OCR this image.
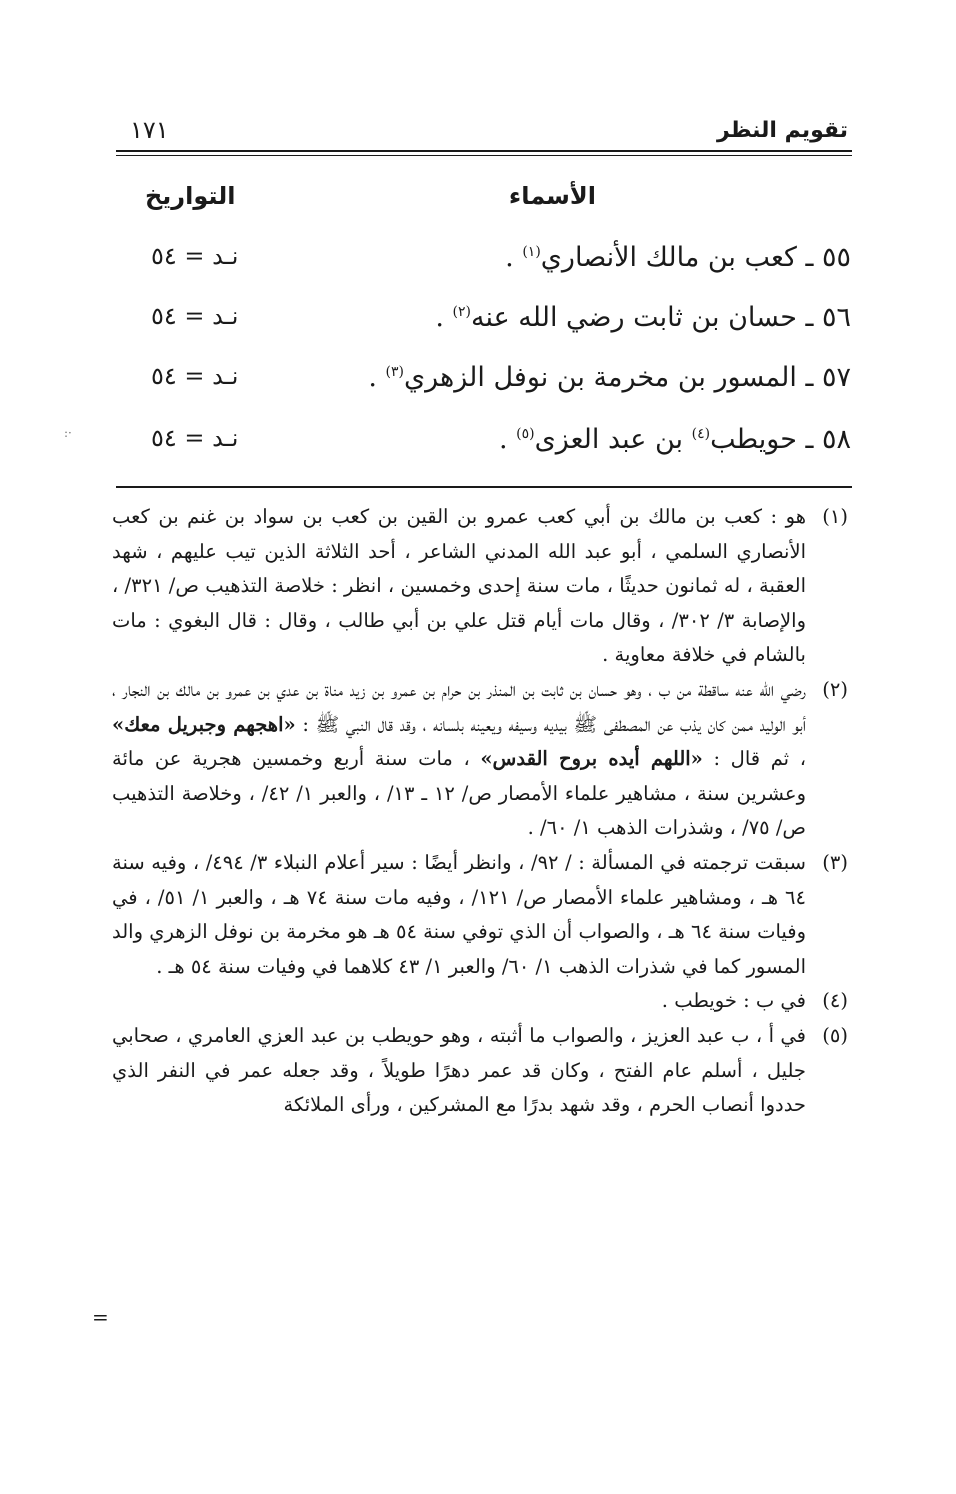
تقويم النظر
١٧١
الأسماء
التواريخ
٥٥ ـ كعب بن مالك الأنصاري$^{(١)}$ .
نـد = ٥٤
٥٦ ـ حسان بن ثابت رضي الله عنه$^{(٢)}$ .
نـد = ٥٤
٥٧ ـ المسور بن مخرمة بن نوفل الزهري$^{(٣)}$ .
نـد = ٥٤
٥٨ ـ حويطب$^{(٤)}$ بن عبد العزى$^{(٥)}$ .
نـد = ٥٤
(١)
هو : كعب بن مالك بن أبي كعب عمرو بن القين بن كعب بن سواد بن غنم بن كعب الأنصاري السلمي ، أبو عبد الله المدني الشاعر ، أحد الثلاثة الذين تيب عليهم ، شهد العقبة ، له ثمانون حديثًا ، مات سنة إحدى وخمسين ، انظر : خلاصة التذهيب ص/ ٣٢١/ ، والإصابة ٣/ ٣٠٢/ ، وقال مات أيام قتل علي بن أبي طالب ، وقال : قال البغوي : مات بالشام في خلافة معاوية .
(٢)
رضي الله عنه ساقطة من ب ، وهو حسان بن ثابت بن المنذر بن حرام بن عمرو بن زيد مناة بن عدي بن عمرو بن مالك بن النجار ، أبو الوليد ممن كان يذب عن المصطفى ﷺ بيديه وسيفه ويعينه بلسانه ، وقد قال النبي ﷺ : «اهجهم وجبريل معك» ، ثم قال : «اللهم أيده بروح القدس» ، مات سنة أربع وخمسين هجرية عن مائة وعشرين سنة ، مشاهير علماء الأمصار ص/ ١٢ ـ ١٣/ ، والعبر ١/ ٤٢/ ، وخلاصة التذهيب ص/ ٧٥/ ، وشذرات الذهب ١/ ٦٠/ .
(٣)
سبقت ترجمته في المسألة : / ٩٢/ ، وانظر أيضًا : سير أعلام النبلاء ٣/ ٤٩٤/ ، وفيه سنة ٦٤ هـ ، ومشاهير علماء الأمصار ص/ ١٢١/ ، وفيه مات سنة ٧٤ هـ ، والعبر ١/ ٥١/ ، في وفيات سنة ٦٤ هـ ، والصواب أن الذي توفي سنة ٥٤ هـ هو مخرمة بن نوفل الزهري والد المسور كما في شذرات الذهب ١/ ٦٠/ والعبر ١/ ٤٣ كلاهما في وفيات سنة ٥٤ هـ .
(٤)
في ب : خويطب .
(٥)
في أ ، ب عبد العزيز ، والصواب ما أثبته ، وهو حويطب بن عبد العزي العامري ، صحابي جليل ، أسلم عام الفتح ، وكان قد عمر دهرًا طويلاً ، وقد جعله عمر في النفر الذي حددوا أنصاب الحرم ، وقد شهد بدرًا مع المشركين ، ورأى الملائكة
=
·:
